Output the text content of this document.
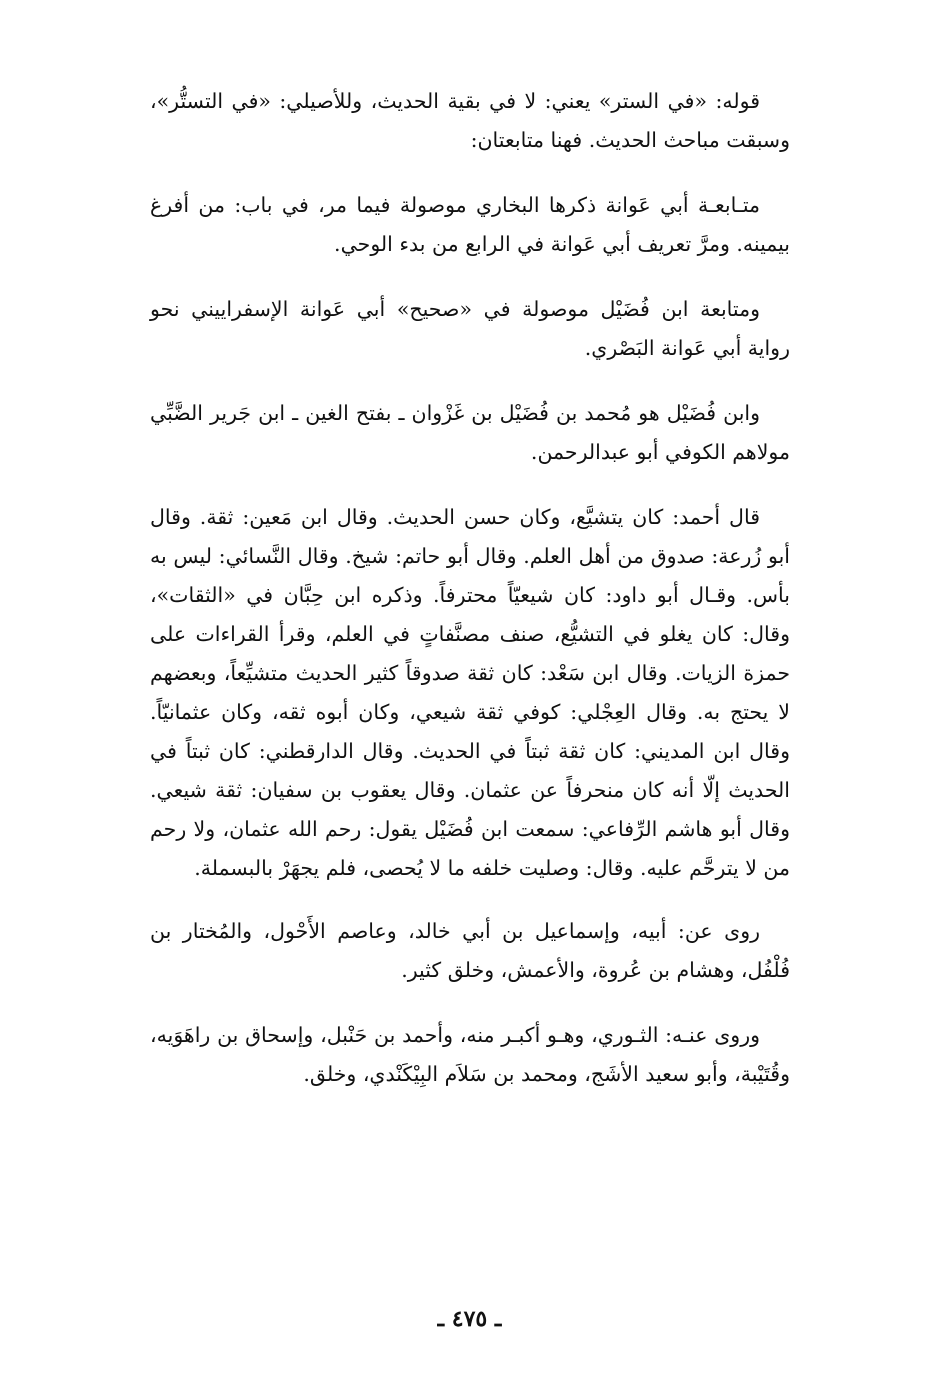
قوله: «في الستر» يعني: لا في بقية الحديث، وللأصيلي: «في التستُّر»، وسبقت مباحث الحديث. فهنا متابعتان:

متـابعـة أبي عَوانة ذكرها البخاري موصولة فيما مر، في باب: من أفرغ بيمينه. ومرَّ تعريف أبي عَوانة في الرابع من بدء الوحي.

ومتابعة ابن فُضَيْل موصولة في «صحيح» أبي عَوانة الإسفراييني نحو رواية أبي عَوانة البَصْري.

وابن فُضَيْل هو مُحمد بن فُضَيْل بن غَزْوان ـ بفتح الغين ـ ابن جَرير الضَّبِّي مولاهم الكوفي أبو عبدالرحمن.

قال أحمد: كان يتشيَّع، وكان حسن الحديث. وقال ابن مَعين: ثقة. وقال أبو زُرعة: صدوق من أهل العلم. وقال أبو حاتم: شيخ. وقال النَّسائي: ليس به بأس. وقـال أبو داود: كان شيعيّاً محترفاً. وذكره ابن حِبَّان في «الثقات»، وقال: كان يغلو في التشيُّع، صنف مصنَّفاتٍ في العلم، وقرأ القراءات على حمزة الزيات. وقال ابن سَعْد: كان ثقة صدوقاً كثير الحديث متشيِّعاً، وبعضهم لا يحتج به. وقال العِجْلي: كوفي ثقة شيعي، وكان أبوه ثقه، وكان عثمانيّاً. وقال ابن المديني: كان ثقة ثبتاً في الحديث. وقال الدارقطني: كان ثبتاً في الحديث إلّا أنه كان منحرفاً عن عثمان. وقال يعقوب بن سفيان: ثقة شيعي. وقال أبو هاشم الرِّفاعي: سمعت ابن فُضَيْل يقول: رحم الله عثمان، ولا رحم من لا يترحَّم عليه. وقال: وصليت خلفه ما لا يُحصى، فلم يجهَرْ بالبسملة.

روى عن: أبيه، وإسماعيل بن أبي خالد، وعاصم الأَحْول، والمُختار بن فُلْفُل، وهشام بن عُروة، والأعمش، وخلق كثير.

وروى عنـه: الثـوري، وهـو أكبـر منه، وأحمد بن حَنْبل، وإسحاق بن راهَوَيه، وقُتَيْبة، وأبو سعيد الأشَج، ومحمد بن سَلاَم البِيْكَنْدي، وخلق.

ـ ٤٧٥ ـ
